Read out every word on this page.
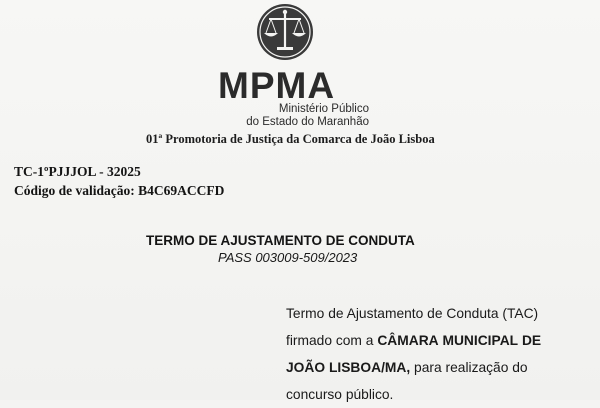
MPMA
Ministério Público
do Estado do Maranhão
01ª Promotoria de Justiça da Comarca de João Lisboa
TC-1ºPJJJOL - 32025
Código de validação: B4C69ACCFD
TERMO DE AJUSTAMENTO DE CONDUTA
PASS 003009-509/2023
Termo de Ajustamento de Conduta (TAC)
firmado com a CÂMARA MUNICIPAL DE
JOÃO LISBOA/MA, para realização do
concurso público.
